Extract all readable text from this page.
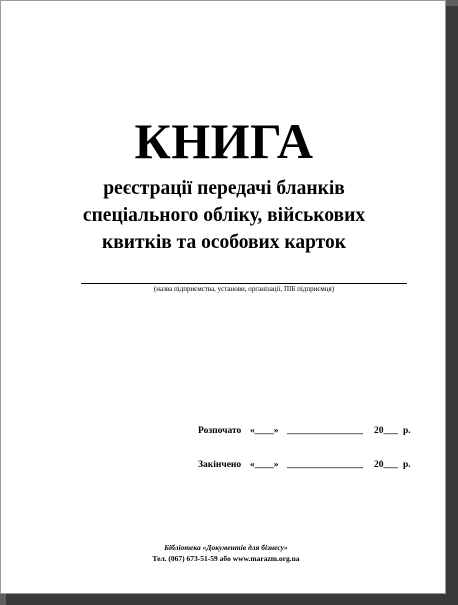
КНИГА
реєстрації передачі бланків
спеціального обліку, військових
квитків та особових карток
(назва підприємства, установи, організації, ПІБ підприємця)
Розпочато «____» ________________ 20___ р.
Закінчено «____» ________________ 20___ р.
Бібліотека «Документів для бізнесу»
Тел. (067) 673-51-59 або www.marazm.org.ua
